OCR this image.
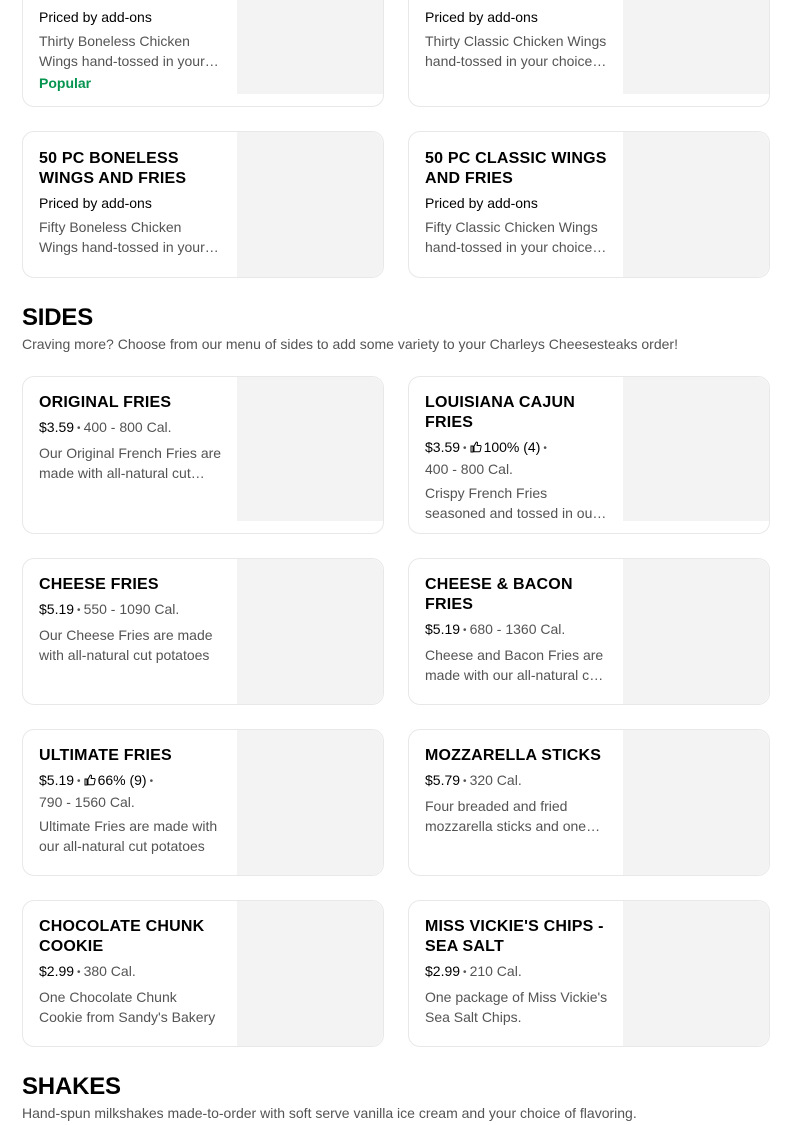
Priced by add-ons
Thirty Boneless Chicken Wings hand-tossed in your
Popular
Priced by add-ons
Thirty Classic Chicken Wings hand-tossed in your choice of
50 PC BONELESS WINGS AND FRIES
Priced by add-ons
Fifty Boneless Chicken Wings hand-tossed in your
50 PC CLASSIC WINGS AND FRIES
Priced by add-ons
Fifty Classic Chicken Wings hand-tossed in your choice of
SIDES
Craving more? Choose from our menu of sides to add some variety to your Charleys Cheesesteaks order!
ORIGINAL FRIES
$3.59 • 400 - 800 Cal.
Our Original French Fries are made with all-natural cut
LOUISIANA CAJUN FRIES
$3.59 • 100% (4) •
400 - 800 Cal.
Crispy French Fries seasoned and tossed in our
CHEESE FRIES
$5.19 • 550 - 1090 Cal.
Our Cheese Fries are made with all-natural cut potatoes
CHEESE & BACON FRIES
$5.19 • 680 - 1360 Cal.
Cheese and Bacon Fries are made with our all-natural cut
ULTIMATE FRIES
$5.19 • 66% (9) •
790 - 1560 Cal.
Ultimate Fries are made with our all-natural cut potatoes
MOZZARELLA STICKS
$5.79 • 320 Cal.
Four breaded and fried mozzarella sticks and one
CHOCOLATE CHUNK COOKIE
$2.99 • 380 Cal.
One Chocolate Chunk Cookie from Sandy's Bakery
MISS VICKIE'S CHIPS - SEA SALT
$2.99 • 210 Cal.
One package of Miss Vickie's Sea Salt Chips.
SHAKES
Hand-spun milkshakes made-to-order with soft serve vanilla ice cream and your choice of flavoring.
